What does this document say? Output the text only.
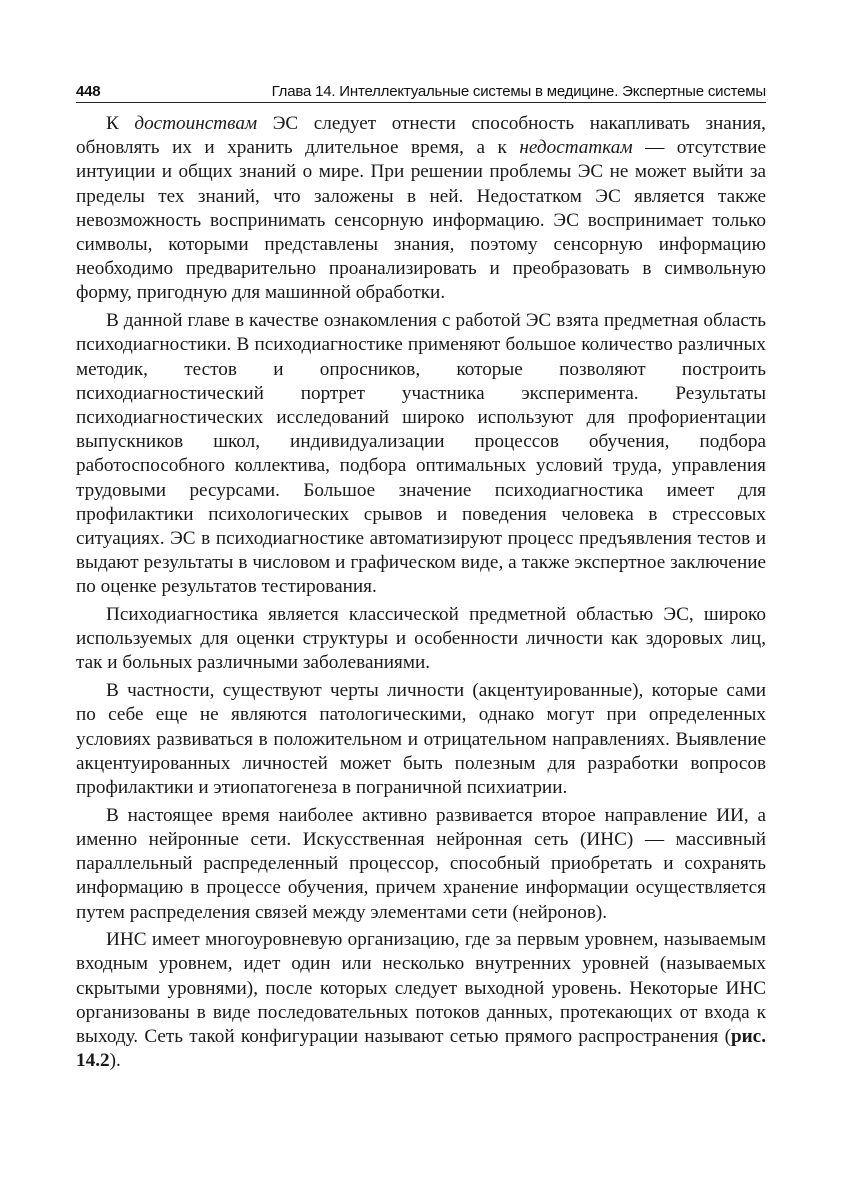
448	Глава 14. Интеллектуальные системы в медицине. Экспертные системы

К достоинствам ЭС следует отнести способность накапливать знания, обновлять их и хранить длительное время, а к недостаткам — отсутствие интуиции и общих знаний о мире. При решении проблемы ЭС не может выйти за пределы тех знаний, что заложены в ней. Недостатком ЭС является также невозможность воспринимать сенсорную информацию. ЭС воспринимает только символы, которыми представлены знания, поэтому сенсорную информацию необходимо предварительно проанализировать и преобразовать в символьную форму, пригодную для машинной обработки.

В данной главе в качестве ознакомления с работой ЭС взята предметная область психодиагностики. В психодиагностике применяют большое количество различных методик, тестов и опросников, которые позволяют построить психодиагностический портрет участника эксперимента. Результаты психодиагностических исследований широко используют для профориентации выпускников школ, индивидуализации процессов обучения, подбора работоспособного коллектива, подбора оптимальных условий труда, управления трудовыми ресурсами. Большое значение психодиагностика имеет для профилактики психологических срывов и поведения человека в стрессовых ситуациях. ЭС в психодиагностике автоматизируют процесс предъявления тестов и выдают результаты в числовом и графическом виде, а также экспертное заключение по оценке результатов тестирования.

Психодиагностика является классической предметной областью ЭС, широко используемых для оценки структуры и особенности личности как здоровых лиц, так и больных различными заболеваниями.

В частности, существуют черты личности (акцентуированные), которые сами по себе еще не являются патологическими, однако могут при определенных условиях развиваться в положительном и отрицательном направлениях. Выявление акцентуированных личностей может быть полезным для разработки вопросов профилактики и этиопатогенеза в пограничной психиатрии.

В настоящее время наиболее активно развивается второе направление ИИ, а именно нейронные сети. Искусственная нейронная сеть (ИНС) — массивный параллельный распределенный процессор, способный приобретать и сохранять информацию в процессе обучения, причем хранение информации осуществляется путем распределения связей между элементами сети (нейронов).

ИНС имеет многоуровневую организацию, где за первым уровнем, называемым входным уровнем, идет один или несколько внутренних уровней (называемых скрытыми уровнями), после которых следует выходной уровень. Некоторые ИНС организованы в виде последовательных потоков данных, протекающих от входа к выходу. Сеть такой конфигурации называют сетью прямого распространения (рис. 14.2).
